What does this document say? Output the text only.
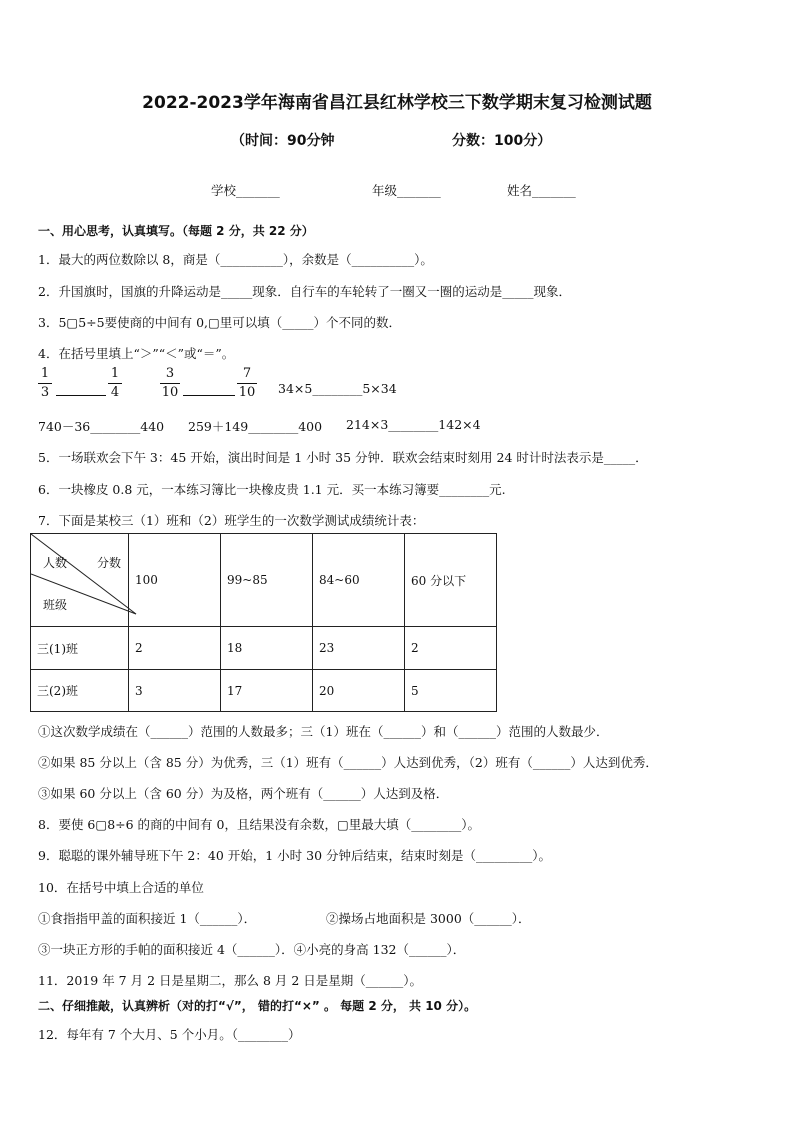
2022-2023学年海南省昌江县红林学校三下数学期末复习检测试题
（时间：90分钟	分数：100分）
学校_______	年级_______	姓名_______
一、用心思考，认真填写。（每题 2 分，共 22 分）
1．最大的两位数除以 8，商是（__________），余数是（__________）。
2．升国旗时，国旗的升降运动是_____现象．自行车的车轮转了一圈又一圈的运动是_____现象．
3．5▢5÷5要使商的中间有 0,▢里可以填（_____）个不同的数．
4．在括号里填上“＞”“＜”或“＝”。
1
3
1
4
3
10
7
10 34×5________5×34
740－36________440 259＋149________400 214×3________142×4
5．一场联欢会下午 3：45 开始，演出时间是 1 小时 35 分钟．联欢会结束时刻用 24 时计时法表示是_____．
6．一块橡皮 0.8 元，一本练习簿比一块橡皮贵 1.1 元．买一本练习簿要________元.
7．下面是某校三（1）班和（2）班学生的一次数学测试成绩统计表：
人数 分数
班级	100	99~85	84~60	60 分以下
三(1)班	2	18	23	2
三(2)班	3	17	20	5
①这次数学成绩在（______）范围的人数最多；三（1）班在（______）和（______）范围的人数最少．
②如果 85 分以上（含 85 分）为优秀，三（1）班有（______）人达到优秀，（2）班有（______）人达到优秀．
③如果 60 分以上（含 60 分）为及格，两个班有（______）人达到及格．
8．要使 6▢8÷6 的商的中间有 0，且结果没有余数，▢里最大填（________）。
9．聪聪的课外辅导班下午 2：40 开始，1 小时 30 分钟后结束，结束时刻是（_________）。
10．在括号中填上合适的单位
①食指指甲盖的面积接近 1（______）．	②操场占地面积是 3000（______）．
③一块正方形的手帕的面积接近 4（______）．④小亮的身高 132（______）．
11．2019 年 7 月 2 日是星期二，那么 8 月 2 日是星期（______）。
二、仔细推敲，认真辨析（对的打“√”， 错的打“×” 。 每题 2 分， 共 10 分）。
12．每年有 7 个大月、5 个小月。（________）
